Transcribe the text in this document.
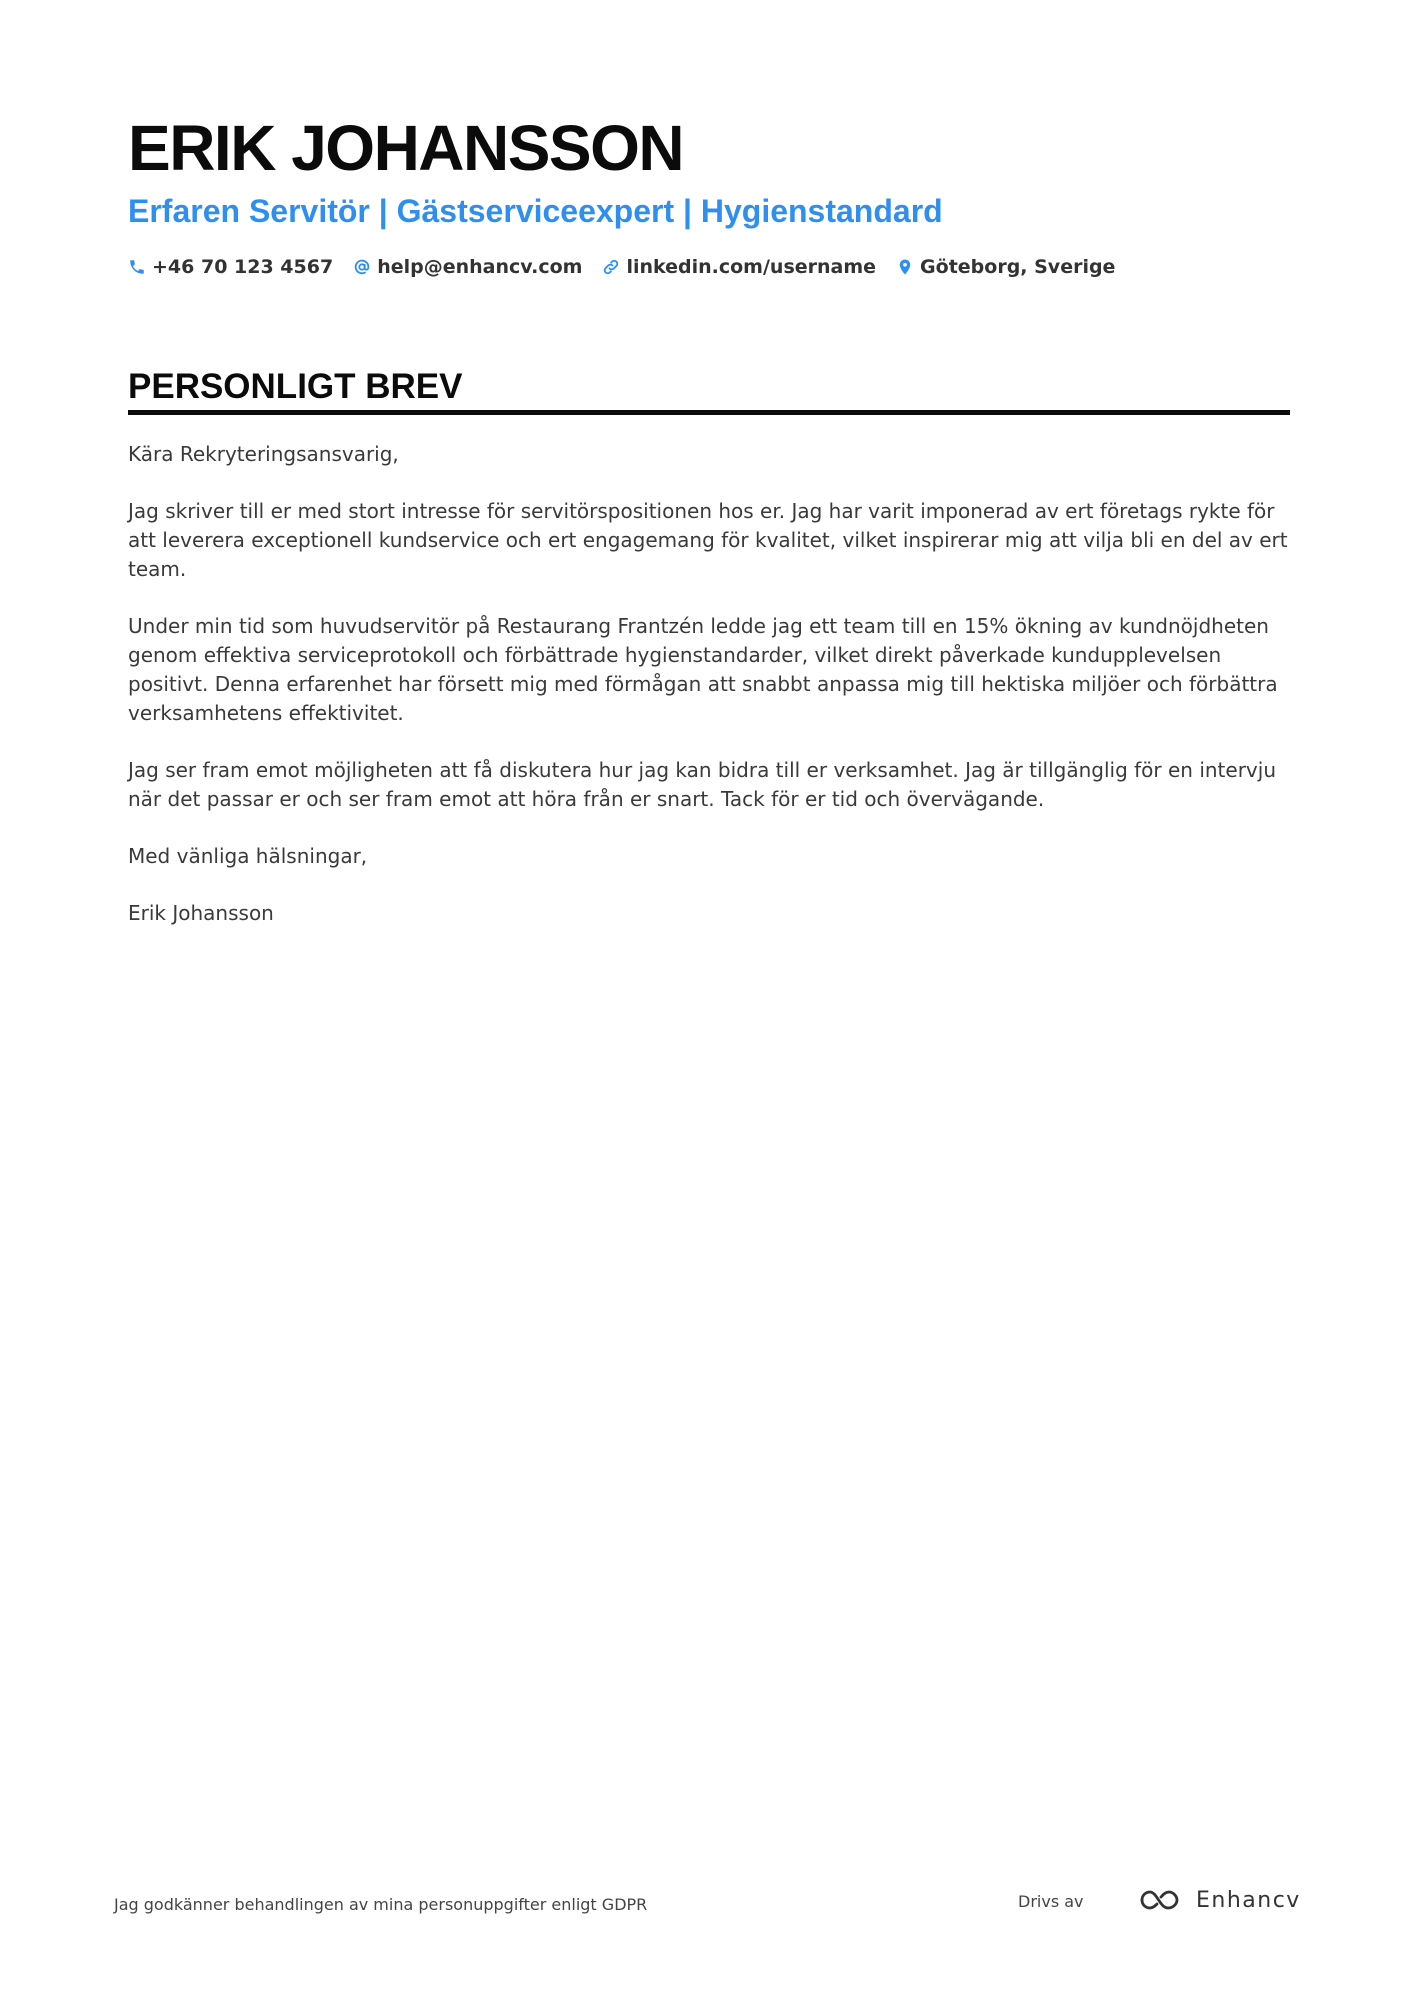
ERIK JOHANSSON
Erfaren Servitör | Gästserviceexpert | Hygienstandard
+46 70 123 4567 help@enhancv.com linkedin.com/username Göteborg, Sverige
PERSONLIGT BREV

Kära Rekryteringsansvarig,

Jag skriver till er med stort intresse för servitörspositionen hos er. Jag har varit imponerad av ert företags rykte för att leverera exceptionell kundservice och ert engagemang för kvalitet, vilket inspirerar mig att vilja bli en del av ert team.

Under min tid som huvudservitör på Restaurang Frantzén ledde jag ett team till en 15% ökning av kundnöjdheten genom effektiva serviceprotokoll och förbättrade hygienstandarder, vilket direkt påverkade kundupplevelsen positivt. Denna erfarenhet har försett mig med förmågan att snabbt anpassa mig till hektiska miljöer och förbättra verksamhetens effektivitet.

Jag ser fram emot möjligheten att få diskutera hur jag kan bidra till er verksamhet. Jag är tillgänglig för en intervju när det passar er och ser fram emot att höra från er snart. Tack för er tid och övervägande.

Med vänliga hälsningar,

Erik Johansson

Jag godkänner behandlingen av mina personuppgifter enligt GDPR	Drivs av	Enhancv
